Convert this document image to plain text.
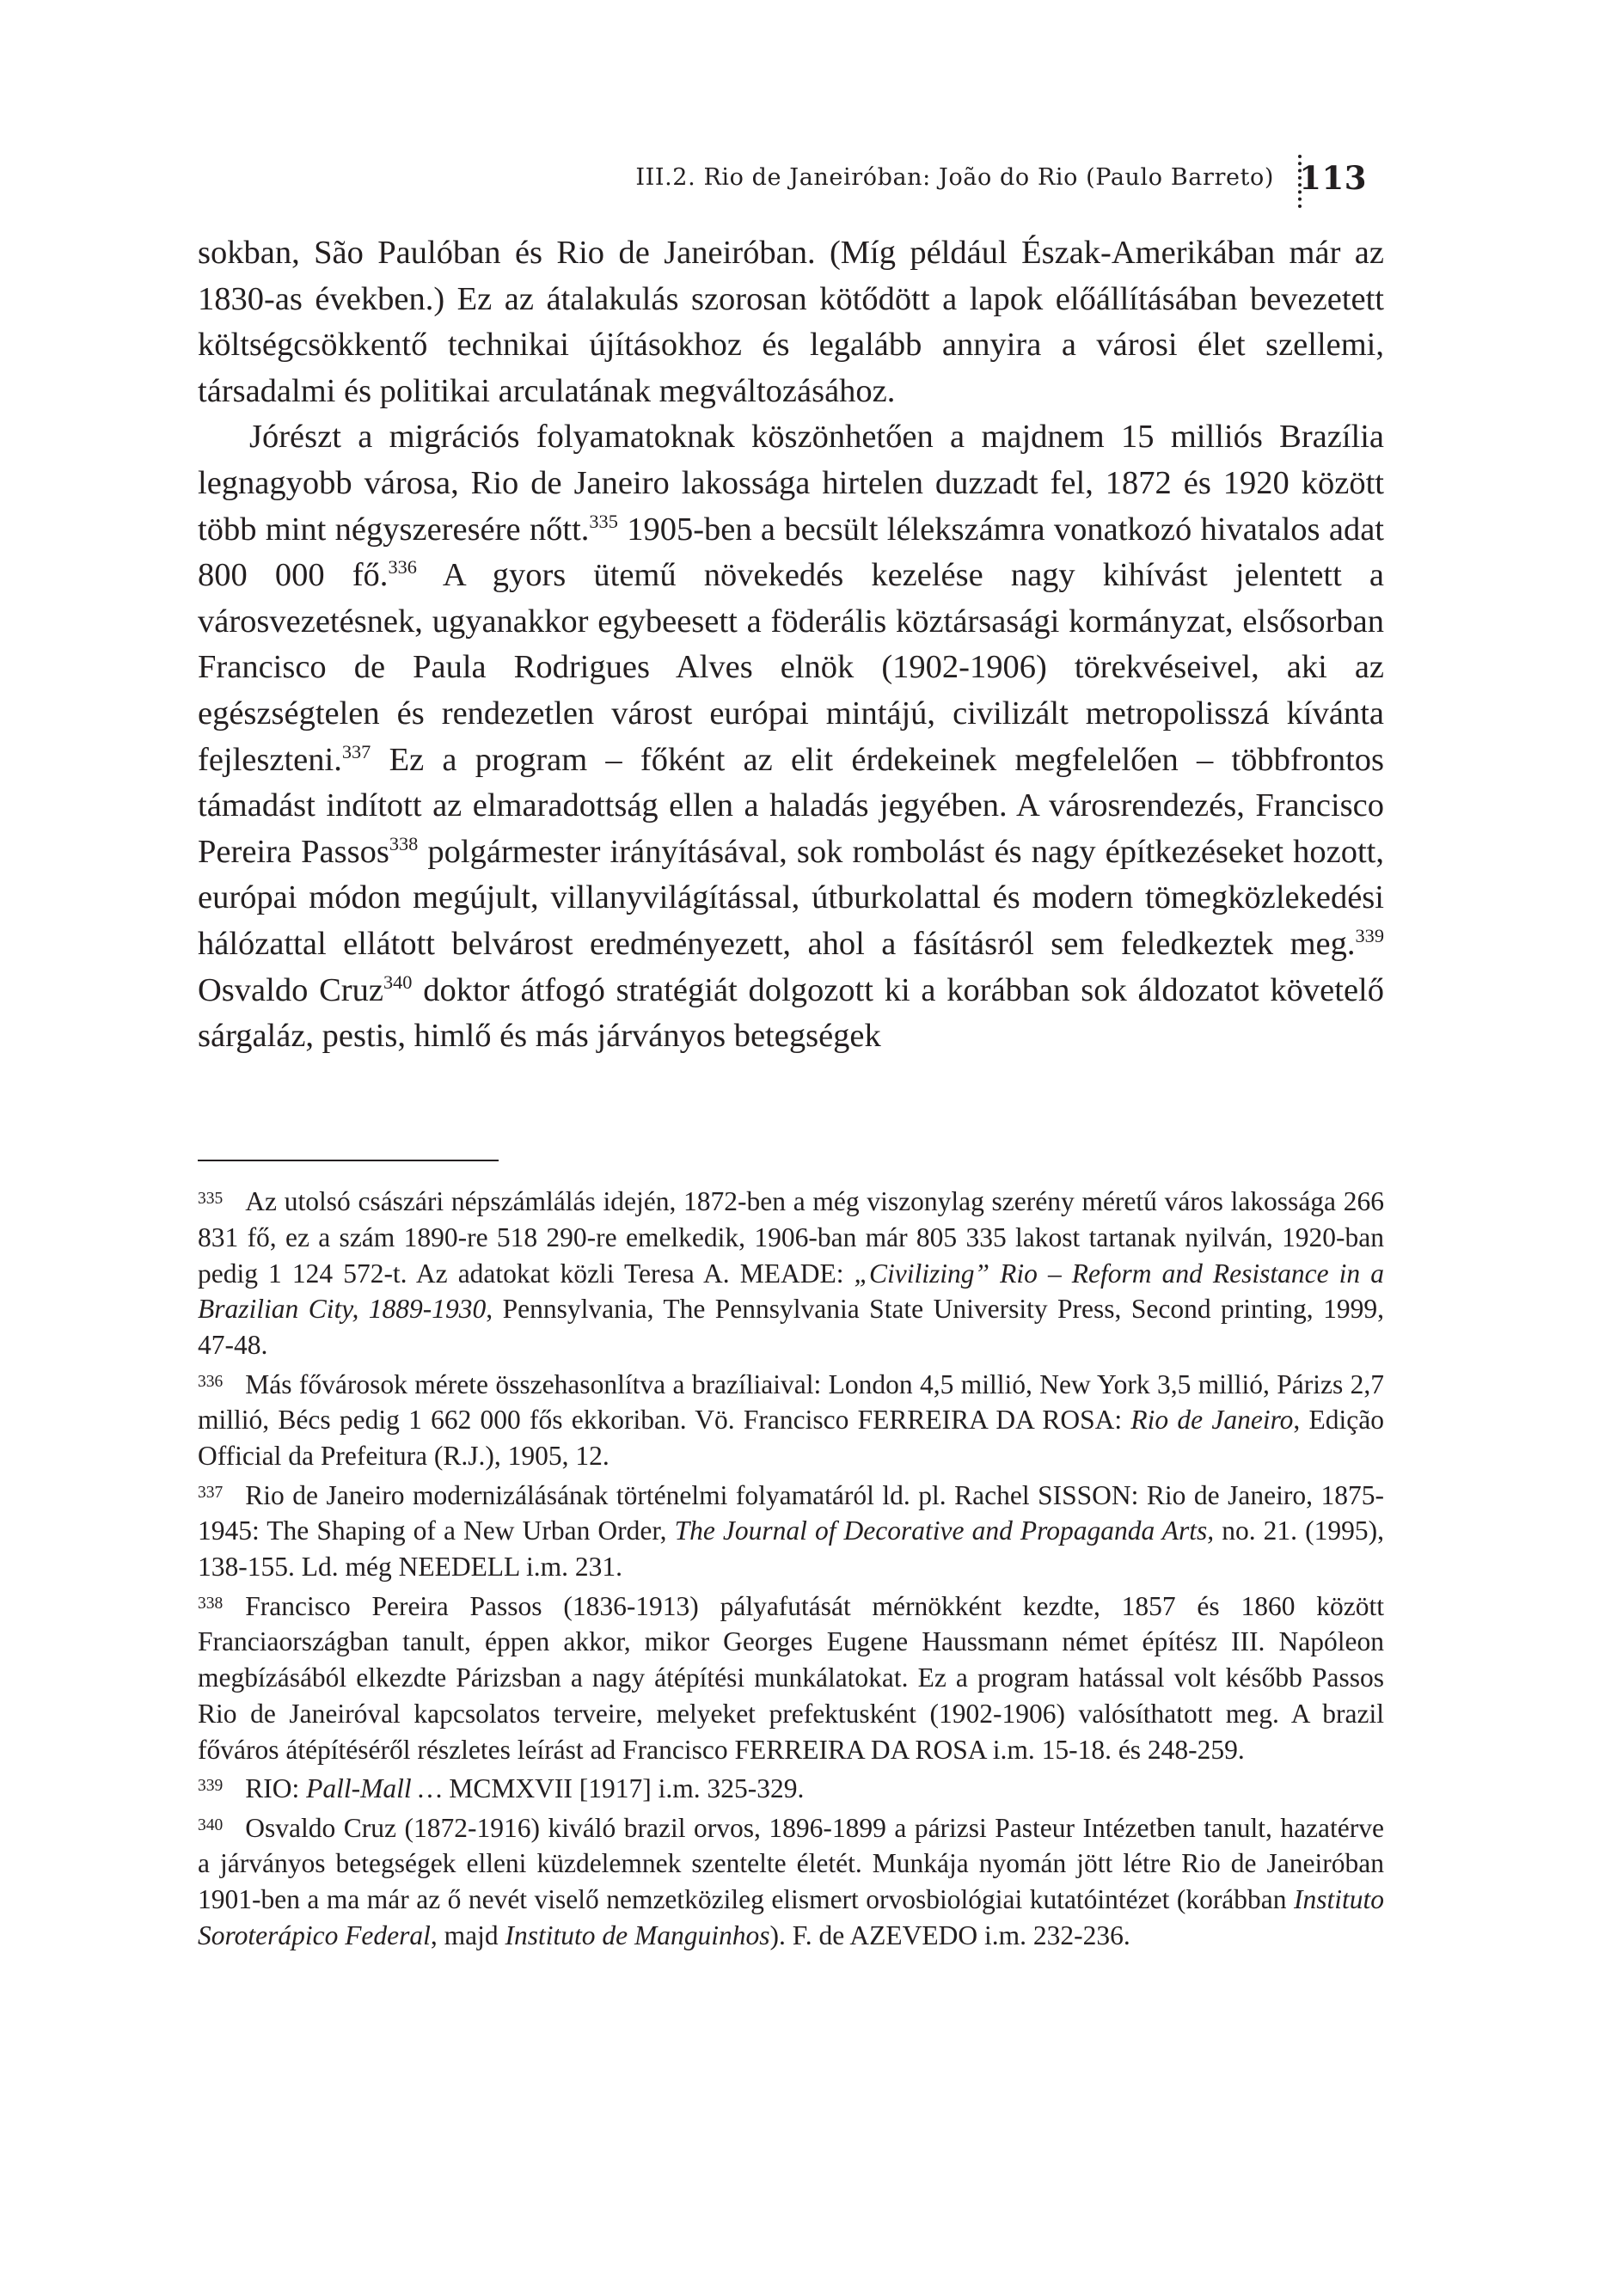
III.2. Rio de Janeiróban: João do Rio (Paulo Barreto) 113

sokban, São Paulóban és Rio de Janeiróban. (Míg például Észak-Amerikában már az 1830-as években.) Ez az átalakulás szorosan kötődött a lapok előállításában bevezetett költségcsökkentő technikai újításokhoz és legalább annyira a városi élet szellemi, társadalmi és politikai arculatának megváltozásához.

Jórészt a migrációs folyamatoknak köszönhetően a majdnem 15 milliós Brazília legnagyobb városa, Rio de Janeiro lakossága hirtelen duzzadt fel, 1872 és 1920 között több mint négyszeresére nőtt.$^{335}$ 1905-ben a becsült lélekszámra vonatkozó hivatalos adat 800 000 fő.$^{336}$ A gyors ütemű növekedés kezelése nagy kihívást jelentett a városvezetésnek, ugyanakkor egybeesett a föderális köztársasági kormányzat, elsősorban Francisco de Paula Rodrigues Alves elnök (1902-1906) törekvéseivel, aki az egészségtelen és rendezetlen várost európai mintájú, civilizált metropolisszá kívánta fejleszteni.$^{337}$ Ez a program – főként az elit érdekeinek megfelelően – többfrontos támadást indított az elmaradottság ellen a haladás jegyében. A városrendezés, Francisco Pereira Passos$^{338}$ polgármester irányításával, sok rombolást és nagy építkezéseket hozott, európai módon megújult, villanyvilágítással, útburkolattal és modern tömegközlekedési hálózattal ellátott belvárost eredményezett, ahol a fásításról sem feledkeztek meg.$^{339}$ Osvaldo Cruz$^{340}$ doktor átfogó stratégiát dolgozott ki a korábban sok áldozatot követelő sárgaláz, pestis, himlő és más járványos betegségek

$^{335}$ Az utolsó császári népszámlálás idején, 1872-ben a még viszonylag szerény méretű város lakossága 266 831 fő, ez a szám 1890-re 518 290-re emelkedik, 1906-ban már 805 335 lakost tartanak nyilván, 1920-ban pedig 1 124 572-t. Az adatokat közli Teresa A. MEADE: „Civilizing” Rio – Reform and Resistance in a Brazilian City, 1889-1930, Pennsylvania, The Pennsylvania State University Press, Second printing, 1999, 47-48.

$^{336}$ Más fővárosok mérete összehasonlítva a brazíliaival: London 4,5 millió, New York 3,5 millió, Párizs 2,7 millió, Bécs pedig 1 662 000 fős ekkoriban. Vö. Francisco FERREIRA DA ROSA: Rio de Janeiro, Edição Official da Prefeitura (R.J.), 1905, 12.

$^{337}$ Rio de Janeiro modernizálásának történelmi folyamatáról ld. pl. Rachel SISSON: Rio de Janeiro, 1875-1945: The Shaping of a New Urban Order, The Journal of Decorative and Propaganda Arts, no. 21. (1995), 138-155. Ld. még NEEDELL i.m. 231.

$^{338}$ Francisco Pereira Passos (1836-1913) pályafutását mérnökként kezdte, 1857 és 1860 között Franciaországban tanult, éppen akkor, mikor Georges Eugene Haussmann német építész III. Napóleon megbízásából elkezdte Párizsban a nagy átépítési munkálatokat. Ez a program hatással volt később Passos Rio de Janeiróval kapcsolatos terveire, melyeket prefektusként (1902-1906) valósíthatott meg. A brazil főváros átépítéséről részletes leírást ad Francisco FERREIRA DA ROSA i.m. 15-18. és 248-259.

$^{339}$ RIO: Pall-Mall … MCMXVII [1917] i.m. 325-329.

$^{340}$ Osvaldo Cruz (1872-1916) kiváló brazil orvos, 1896-1899 a párizsi Pasteur Intézetben tanult, hazatérve a járványos betegségek elleni küzdelemnek szentelte életét. Munkája nyomán jött létre Rio de Janeiróban 1901-ben a ma már az ő nevét viselő nemzetközileg elismert orvosbiológiai kutatóintézet (korábban Instituto Soroterápico Federal, majd Instituto de Manguinhos). F. de AZEVEDO i.m. 232-236.
